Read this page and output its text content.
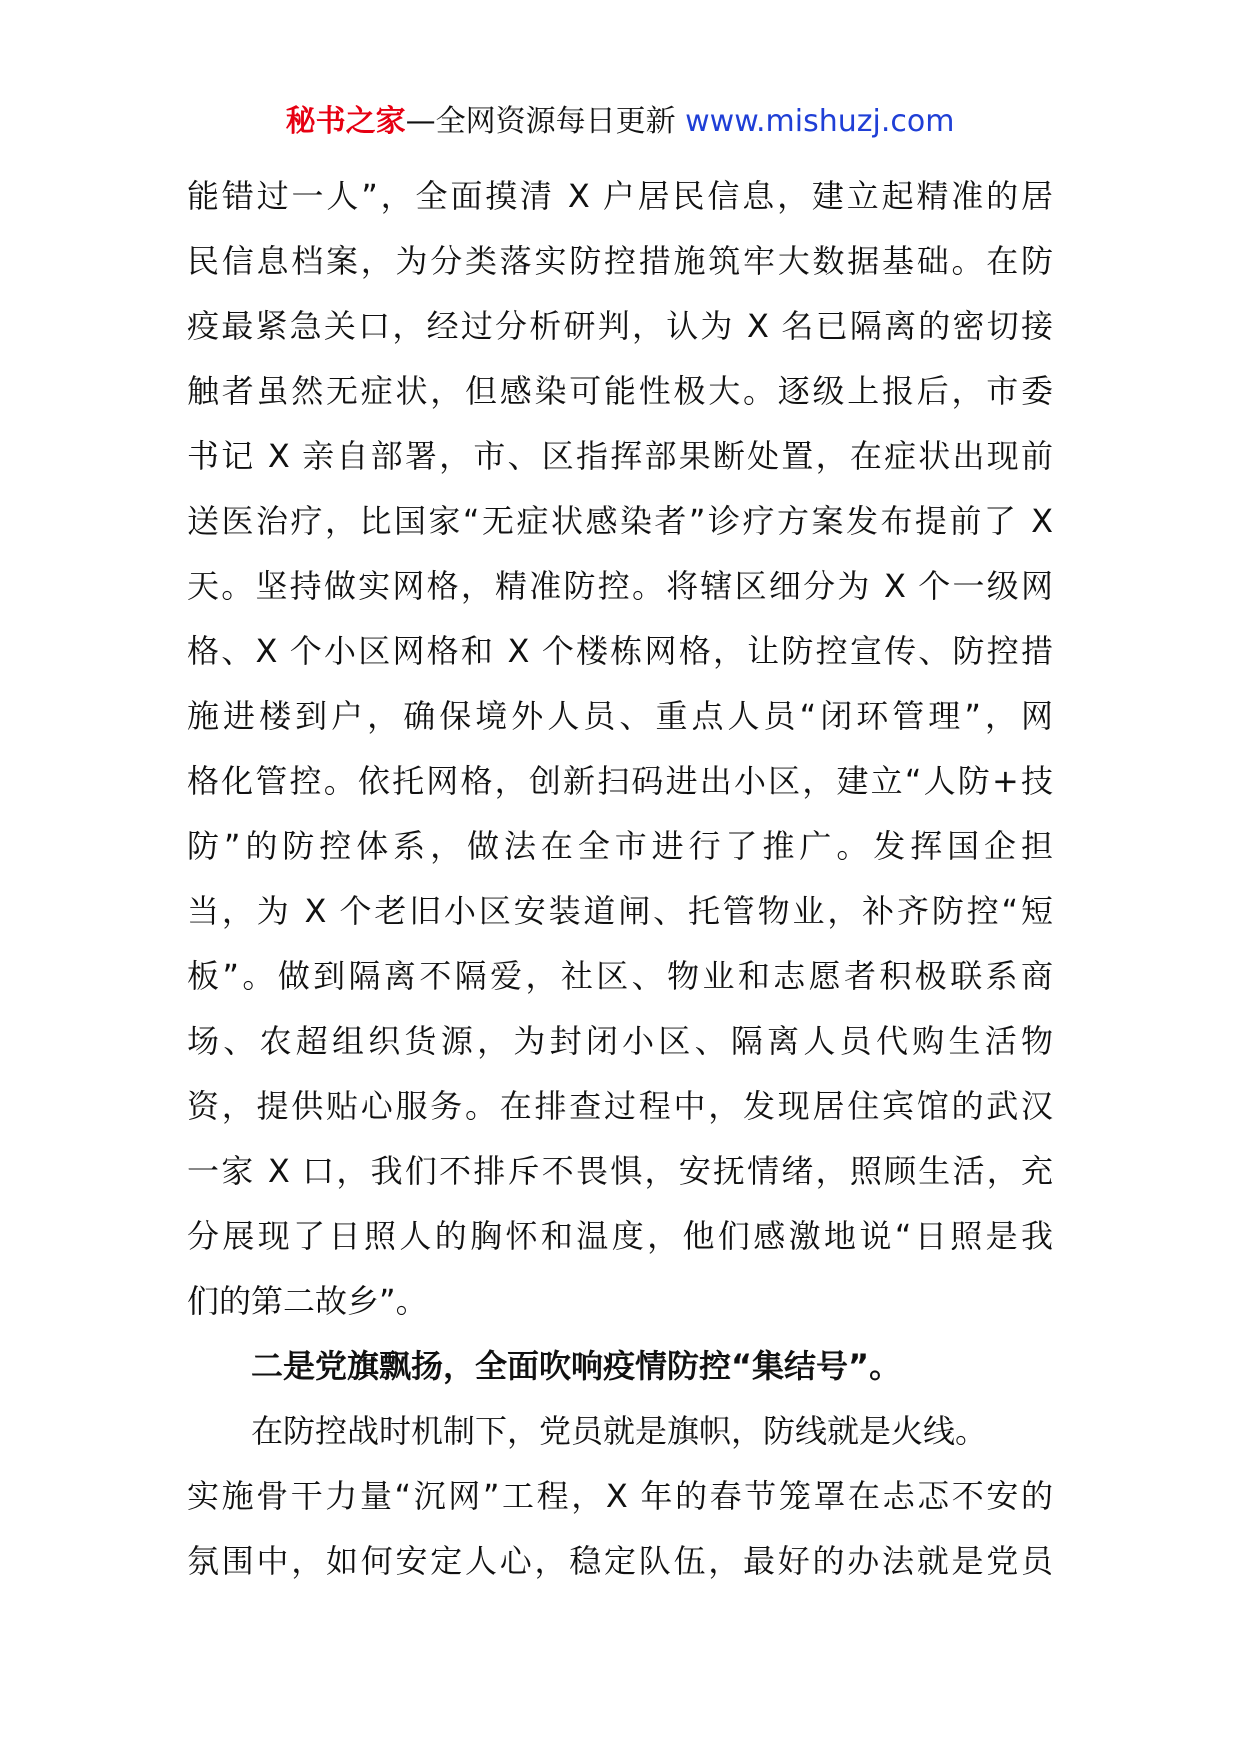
秘书之家—全网资源每日更新 www.mishuzj.com
能错过一人”，全面摸清 X 户居民信息，建立起精准的居
民信息档案，为分类落实防控措施筑牢大数据基础。在防
疫最紧急关口，经过分析研判，认为 X 名已隔离的密切接
触者虽然无症状，但感染可能性极大。逐级上报后，市委
书记 X 亲自部署，市、区指挥部果断处置，在症状出现前
送医治疗，比国家“无症状感染者”诊疗方案发布提前了 X
天。坚持做实网格，精准防控。将辖区细分为 X 个一级网
格、X 个小区网格和 X 个楼栋网格，让防控宣传、防控措
施进楼到户，确保境外人员、重点人员“闭环管理”，网
格化管控。依托网格，创新扫码进出小区，建立“人防+技
防”的防控体系，做法在全市进行了推广。发挥国企担
当，为 X 个老旧小区安装道闸、托管物业，补齐防控“短
板”。做到隔离不隔爱，社区、物业和志愿者积极联系商
场、农超组织货源，为封闭小区、隔离人员代购生活物
资，提供贴心服务。在排查过程中，发现居住宾馆的武汉
一家 X 口，我们不排斥不畏惧，安抚情绪，照顾生活，充
分展现了日照人的胸怀和温度，他们感激地说“日照是我
们的第二故乡”。
二是党旗飘扬，全面吹响疫情防控“集结号”。
在防控战时机制下，党员就是旗帜，防线就是火线。
实施骨干力量“沉网”工程，X 年的春节笼罩在忐忑不安的
氛围中，如何安定人心，稳定队伍，最好的办法就是党员
